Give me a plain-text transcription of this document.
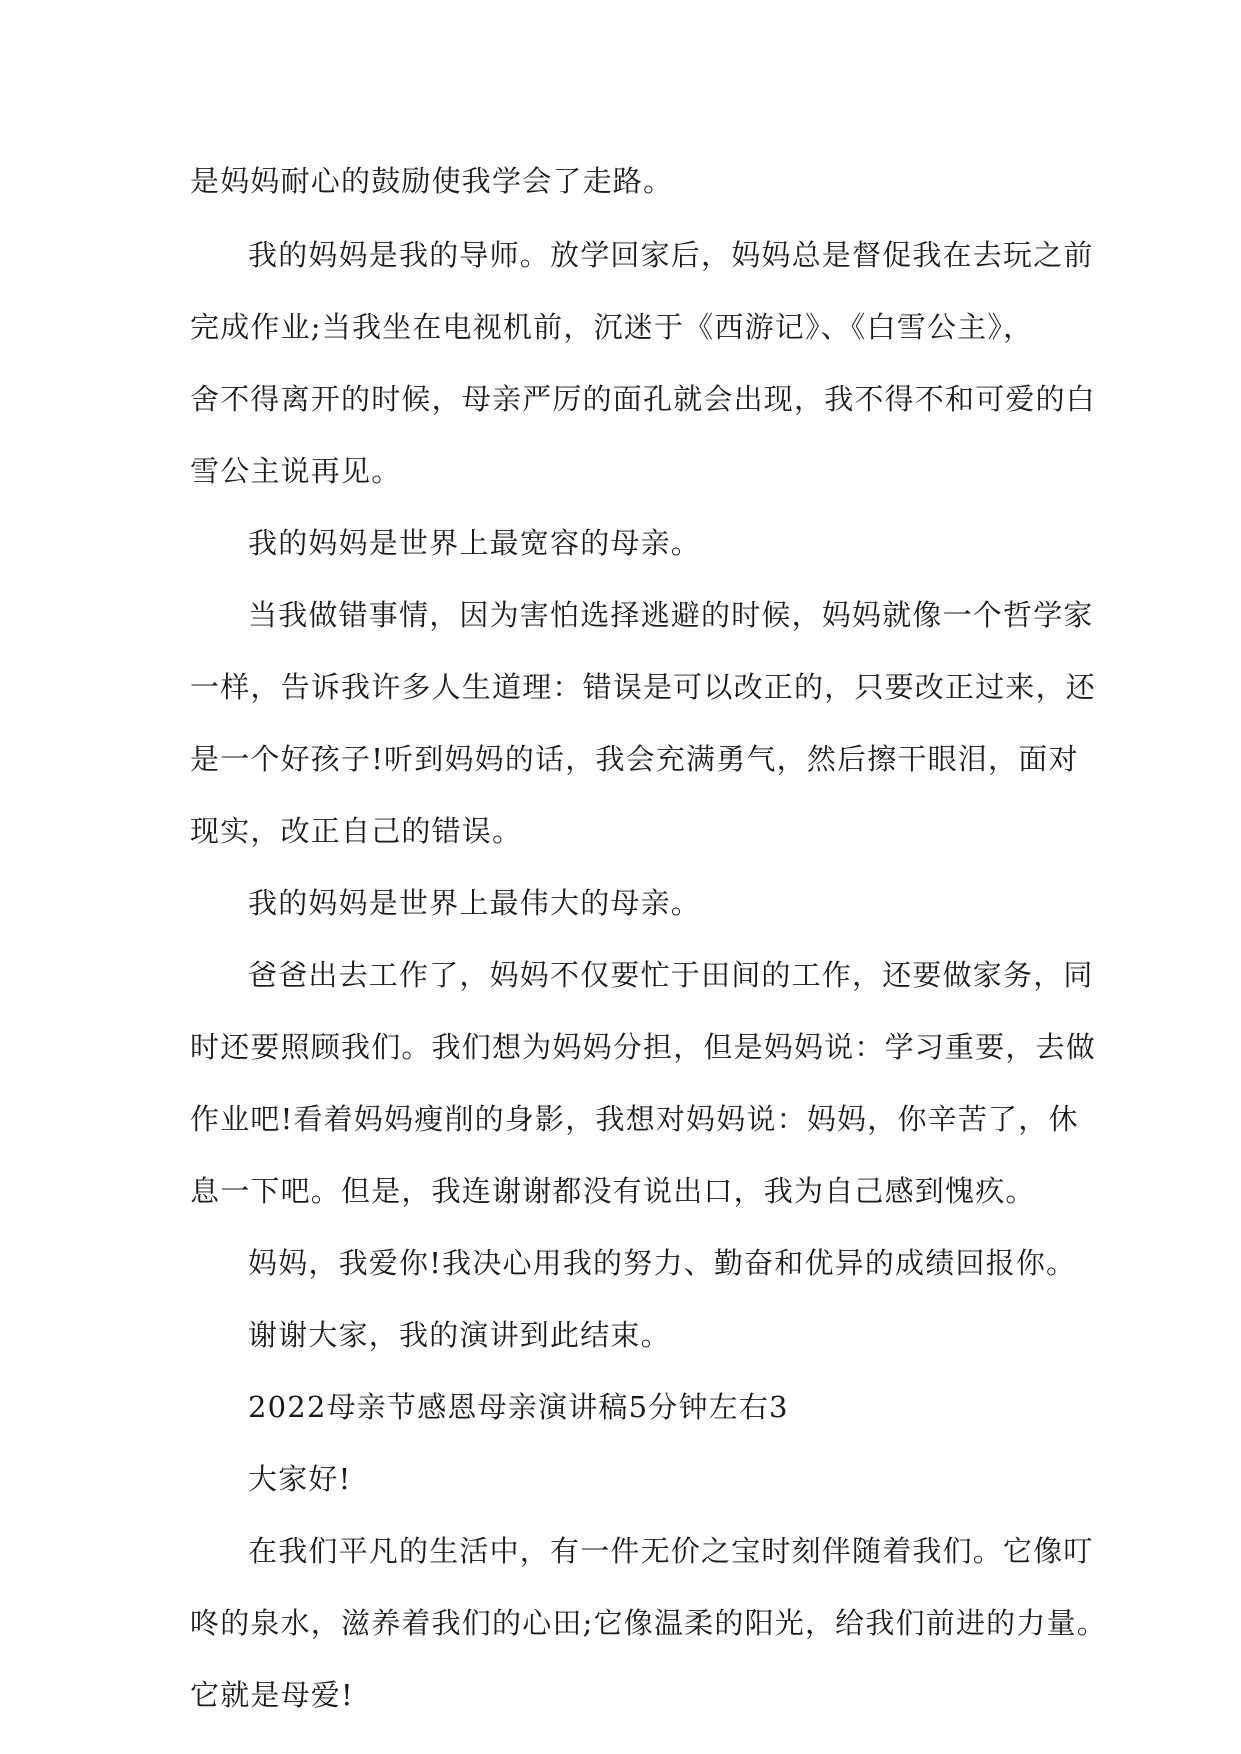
是妈妈耐心的鼓励使我学会了走路。
我的妈妈是我的导师。放学回家后，妈妈总是督促我在去玩之前
完成作业;当我坐在电视机前，沉迷于《西游记》、《白雪公主》，
舍不得离开的时候，母亲严厉的面孔就会出现，我不得不和可爱的白
雪公主说再见。
我的妈妈是世界上最宽容的母亲。
当我做错事情，因为害怕选择逃避的时候，妈妈就像一个哲学家
一样，告诉我许多人生道理：错误是可以改正的，只要改正过来，还
是一个好孩子!听到妈妈的话，我会充满勇气，然后擦干眼泪，面对
现实，改正自己的错误。
我的妈妈是世界上最伟大的母亲。
爸爸出去工作了，妈妈不仅要忙于田间的工作，还要做家务，同
时还要照顾我们。我们想为妈妈分担，但是妈妈说：学习重要，去做
作业吧!看着妈妈瘦削的身影，我想对妈妈说：妈妈，你辛苦了，休
息一下吧。但是，我连谢谢都没有说出口，我为自己感到愧疚。
妈妈，我爱你!我决心用我的努力、勤奋和优异的成绩回报你。
谢谢大家，我的演讲到此结束。
2022母亲节感恩母亲演讲稿5分钟左右3
大家好!
在我们平凡的生活中，有一件无价之宝时刻伴随着我们。它像叮
咚的泉水，滋养着我们的心田;它像温柔的阳光，给我们前进的力量。
它就是母爱!
